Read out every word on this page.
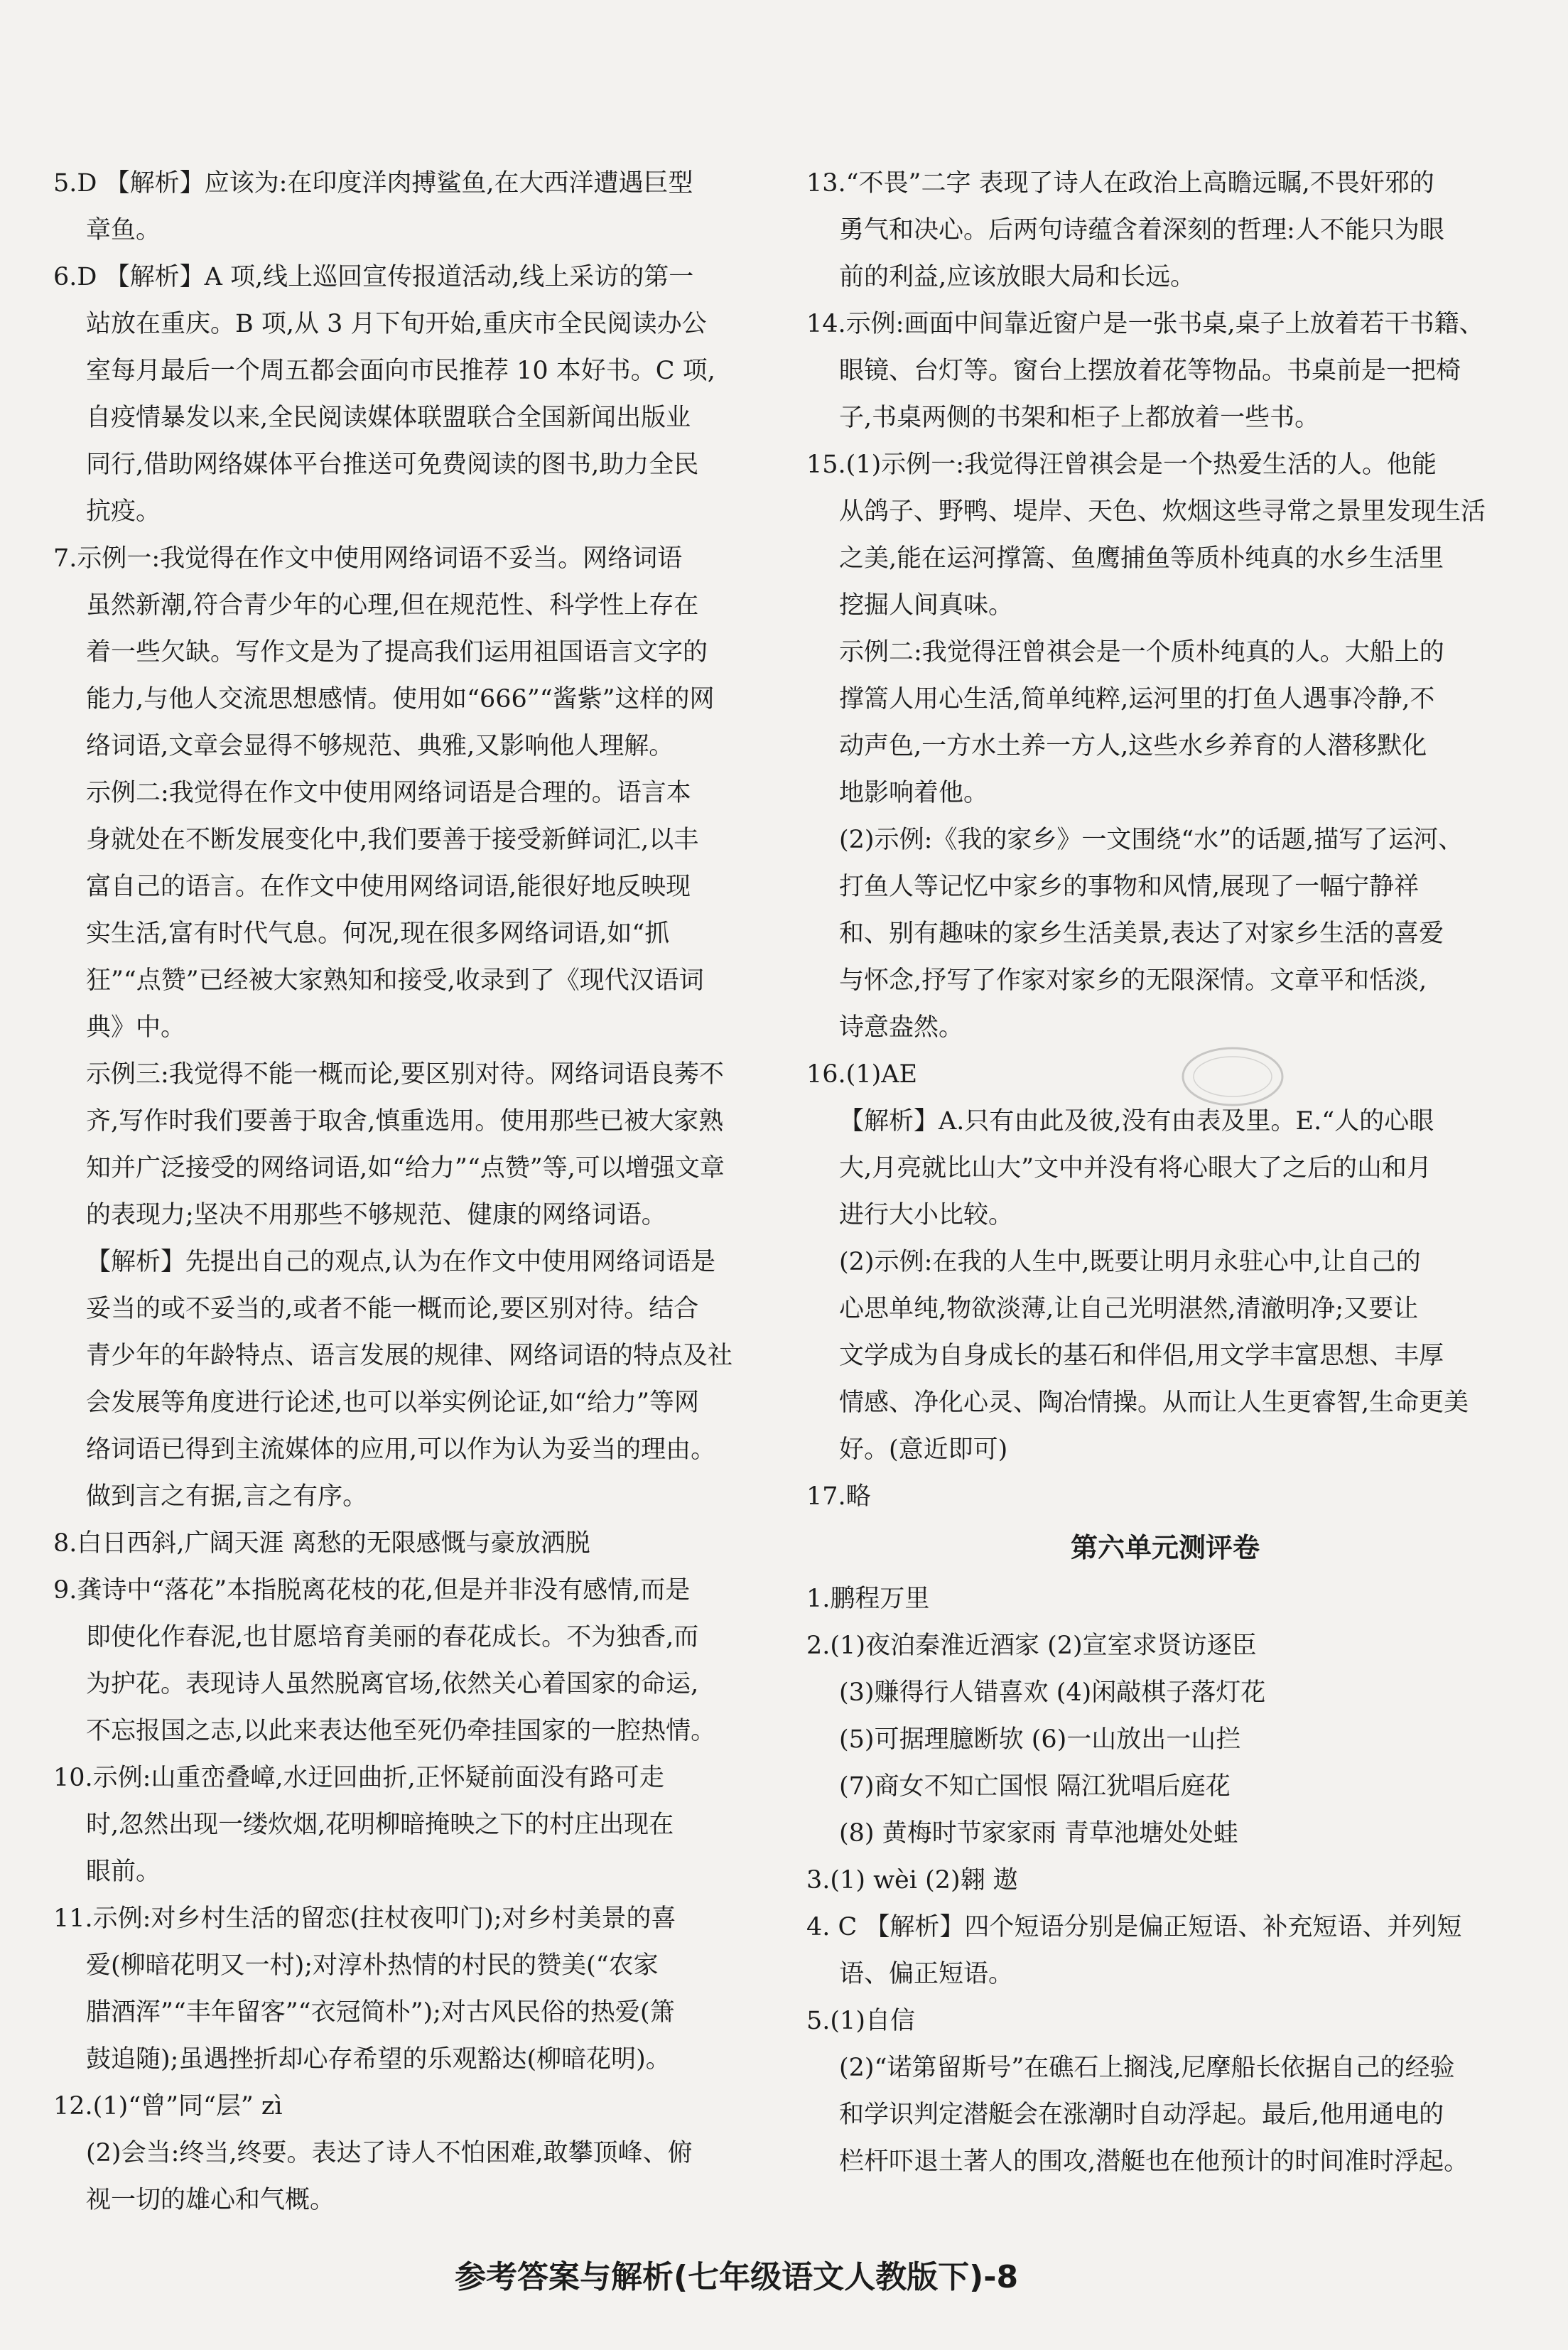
5.D 【解析】应该为:在印度洋肉搏鲨鱼,在大西洋遭遇巨型
章鱼。
6.D 【解析】A 项,线上巡回宣传报道活动,线上采访的第一
站放在重庆。B 项,从 3 月下旬开始,重庆市全民阅读办公
室每月最后一个周五都会面向市民推荐 10 本好书。C 项,
自疫情暴发以来,全民阅读媒体联盟联合全国新闻出版业
同行,借助网络媒体平台推送可免费阅读的图书,助力全民
抗疫。
7.示例一:我觉得在作文中使用网络词语不妥当。网络词语
虽然新潮,符合青少年的心理,但在规范性、科学性上存在
着一些欠缺。写作文是为了提高我们运用祖国语言文字的
能力,与他人交流思想感情。使用如“666”“酱紫”这样的网
络词语,文章会显得不够规范、典雅,又影响他人理解。
示例二:我觉得在作文中使用网络词语是合理的。语言本
身就处在不断发展变化中,我们要善于接受新鲜词汇,以丰
富自己的语言。在作文中使用网络词语,能很好地反映现
实生活,富有时代气息。何况,现在很多网络词语,如“抓
狂”“点赞”已经被大家熟知和接受,收录到了《现代汉语词
典》中。
示例三:我觉得不能一概而论,要区别对待。网络词语良莠不
齐,写作时我们要善于取舍,慎重选用。使用那些已被大家熟
知并广泛接受的网络词语,如“给力”“点赞”等,可以增强文章
的表现力;坚决不用那些不够规范、健康的网络词语。
【解析】先提出自己的观点,认为在作文中使用网络词语是
妥当的或不妥当的,或者不能一概而论,要区别对待。结合
青少年的年龄特点、语言发展的规律、网络词语的特点及社
会发展等角度进行论述,也可以举实例论证,如“给力”等网
络词语已得到主流媒体的应用,可以作为认为妥当的理由。
做到言之有据,言之有序。
8.白日西斜,广阔天涯 离愁的无限感慨与豪放洒脱
9.龚诗中“落花”本指脱离花枝的花,但是并非没有感情,而是
即使化作春泥,也甘愿培育美丽的春花成长。不为独香,而
为护花。表现诗人虽然脱离官场,依然关心着国家的命运,
不忘报国之志,以此来表达他至死仍牵挂国家的一腔热情。
10.示例:山重峦叠嶂,水迂回曲折,正怀疑前面没有路可走
时,忽然出现一缕炊烟,花明柳暗掩映之下的村庄出现在
眼前。
11.示例:对乡村生活的留恋(拄杖夜叩门);对乡村美景的喜
爱(柳暗花明又一村);对淳朴热情的村民的赞美(“农家
腊酒浑”“丰年留客”“衣冠简朴”);对古风民俗的热爱(箫
鼓追随);虽遇挫折却心存希望的乐观豁达(柳暗花明)。
12.(1)“曾”同“层” zì
(2)会当:终当,终要。表达了诗人不怕困难,敢攀顶峰、俯
视一切的雄心和气概。
13.“不畏”二字 表现了诗人在政治上高瞻远瞩,不畏奸邪的
勇气和决心。后两句诗蕴含着深刻的哲理:人不能只为眼
前的利益,应该放眼大局和长远。
14.示例:画面中间靠近窗户是一张书桌,桌子上放着若干书籍、
眼镜、台灯等。窗台上摆放着花等物品。书桌前是一把椅
子,书桌两侧的书架和柜子上都放着一些书。
15.(1)示例一:我觉得汪曾祺会是一个热爱生活的人。他能
从鸽子、野鸭、堤岸、天色、炊烟这些寻常之景里发现生活
之美,能在运河撑篙、鱼鹰捕鱼等质朴纯真的水乡生活里
挖掘人间真味。
示例二:我觉得汪曾祺会是一个质朴纯真的人。大船上的
撑篙人用心生活,简单纯粹,运河里的打鱼人遇事冷静,不
动声色,一方水土养一方人,这些水乡养育的人潜移默化
地影响着他。
(2)示例:《我的家乡》一文围绕“水”的话题,描写了运河、
打鱼人等记忆中家乡的事物和风情,展现了一幅宁静祥
和、别有趣味的家乡生活美景,表达了对家乡生活的喜爱
与怀念,抒写了作家对家乡的无限深情。文章平和恬淡,
诗意盎然。
16.(1)AE
【解析】A.只有由此及彼,没有由表及里。E.“人的心眼
大,月亮就比山大”文中并没有将心眼大了之后的山和月
进行大小比较。
(2)示例:在我的人生中,既要让明月永驻心中,让自己的
心思单纯,物欲淡薄,让自己光明湛然,清澈明净;又要让
文学成为自身成长的基石和伴侣,用文学丰富思想、丰厚
情感、净化心灵、陶冶情操。从而让人生更睿智,生命更美
好。(意近即可)
17.略
第六单元测评卷
1.鹏程万里
2.(1)夜泊秦淮近酒家 (2)宣室求贤访逐臣
(3)赚得行人错喜欢 (4)闲敲棋子落灯花
(5)可据理臆断欤 (6)一山放出一山拦
(7)商女不知亡国恨 隔江犹唱后庭花
(8) 黄梅时节家家雨 青草池塘处处蛙
3.(1) wèi (2)翱 遨
4. C 【解析】四个短语分别是偏正短语、补充短语、并列短
语、偏正短语。
5.(1)自信
(2)“诺第留斯号”在礁石上搁浅,尼摩船长依据自己的经验
和学识判定潜艇会在涨潮时自动浮起。最后,他用通电的
栏杆吓退土著人的围攻,潜艇也在他预计的时间准时浮起。
参考答案与解析(七年级语文人教版下)-8
